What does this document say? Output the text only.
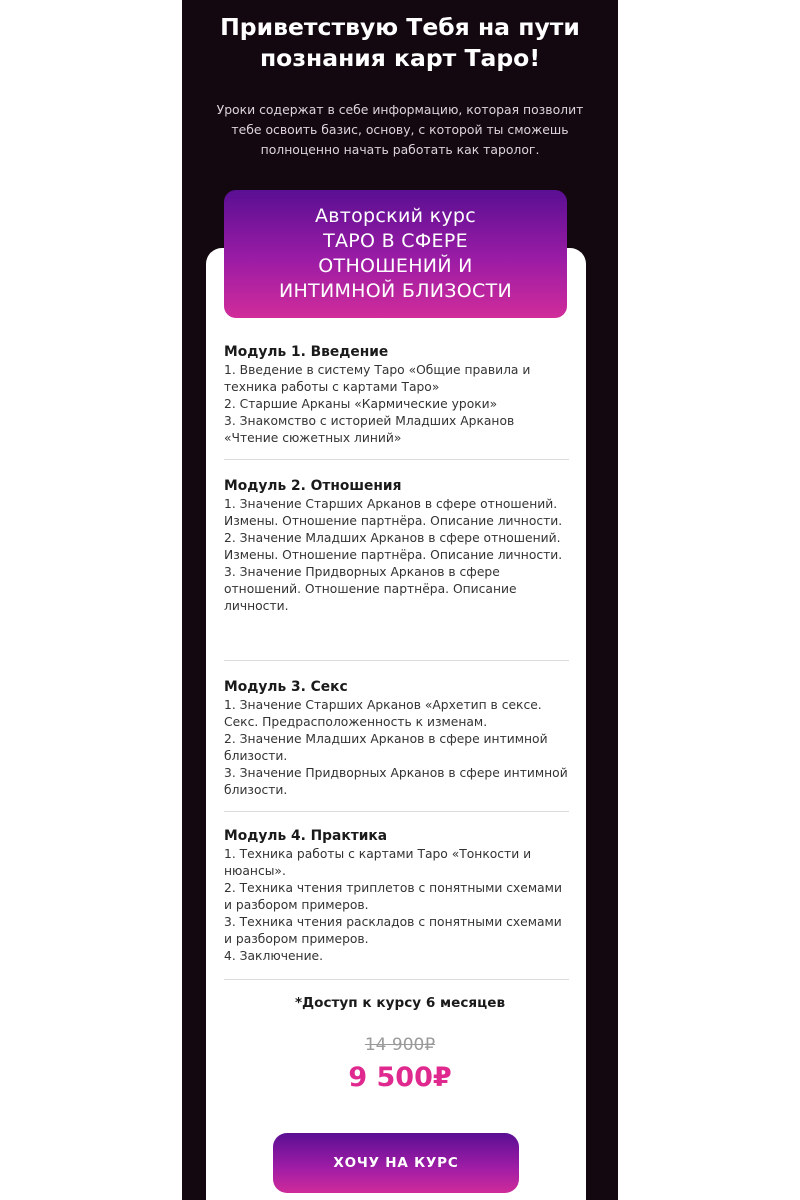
Приветствую Тебя на пути познания карт Таро!

Уроки содержат в себе информацию, которая позволит тебе освоить базис, основу, с которой ты сможешь полноценно начать работать как таролог.

Авторский курс
ТАРО В СФЕРЕ
ОТНОШЕНИЙ И
ИНТИМНОЙ БЛИЗОСТИ
Модуль 1. Введение

1. Введение в систему Таро «Общие правила и техника работы с картами Таро»
2. Старшие Арканы «Кармические уроки»
3. Знакомство с историей Младших Арканов «Чтение сюжетных линий»

Модуль 2. Отношения

1. Значение Старших Арканов в сфере отношений. Измены. Отношение партнёра. Описание личности.
2. Значение Младших Арканов в сфере отношений. Измены. Отношение партнёра. Описание личности.
3. Значение Придворных Арканов в сфере отношений. Отношение партнёра. Описание личности.

Модуль 3. Секс

1. Значение Старших Арканов «Архетип в сексе. Секс. Предрасположенность к изменам.
2. Значение Младших Арканов в сфере интимной близости.
3. Значение Придворных Арканов в сфере интимной близости.

Модуль 4. Практика

1. Техника работы с картами Таро «Тонкости и нюансы».
2. Техника чтения триплетов с понятными схемами и разбором примеров.
3. Техника чтения раскладов с понятными схемами и разбором примеров.
4. Заключение.

*Доступ к курсу 6 месяцев

14 900₽

9 500₽

ХОЧУ НА КУРС
